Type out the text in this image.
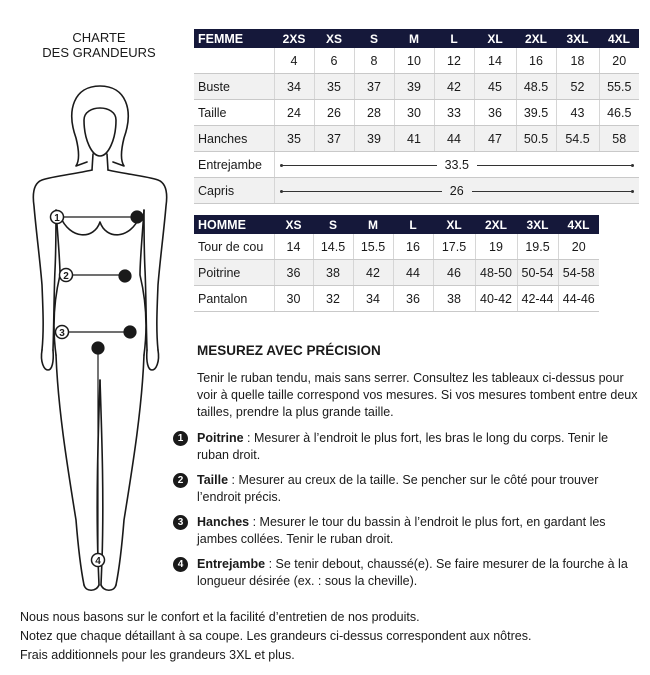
CHARTE
DES GRANDEURS
1
2
3
4
FEMME	2XS	XS	S	M	L	XL	2XL	3XL	4XL
	4	6	8	10	12	14	16	18	20
Buste	34	35	37	39	42	45	48.5	52	55.5
Taille	24	26	28	30	33	36	39.5	43	46.5
Hanches	35	37	39	41	44	47	50.5	54.5	58
Entrejambe	33.5								
Capris	26								
HOMME	XS	S	M	L	XL	2XL	3XL	4XL
Tour de cou	14	14.5	15.5	16	17.5	19	19.5	20
Poitrine	36	38	42	44	46	48-50	50-54	54-58
Pantalon	30	32	34	36	38	40-42	42-44	44-46
MESUREZ AVEC PRÉCISION
Tenir le ruban tendu, mais sans serrer. Consultez les tableaux ci-dessus pour voir à quelle taille correspond vos mesures. Si vos mesures tombent entre deux tailles, prendre la plus grande taille.
1	Poitrine : Mesurer à l’endroit le plus fort, les bras le long du corps. Tenir le ruban droit.
2	Taille : Mesurer au creux de la taille. Se pencher sur le côté pour trouver l’endroit précis.
3	Hanches : Mesurer le tour du bassin à l’endroit le plus fort, en gardant les jambes collées. Tenir le ruban droit.
4	Entrejambe : Se tenir debout, chaussé(e). Se faire mesurer de la fourche à la longueur désirée (ex. : sous la cheville).
Nous nous basons sur le confort et la facilité d’entretien de nos produits.
Notez que chaque détaillant à sa coupe. Les grandeurs ci-dessus correspondent aux nôtres.
Frais additionnels pour les grandeurs 3XL et plus.
